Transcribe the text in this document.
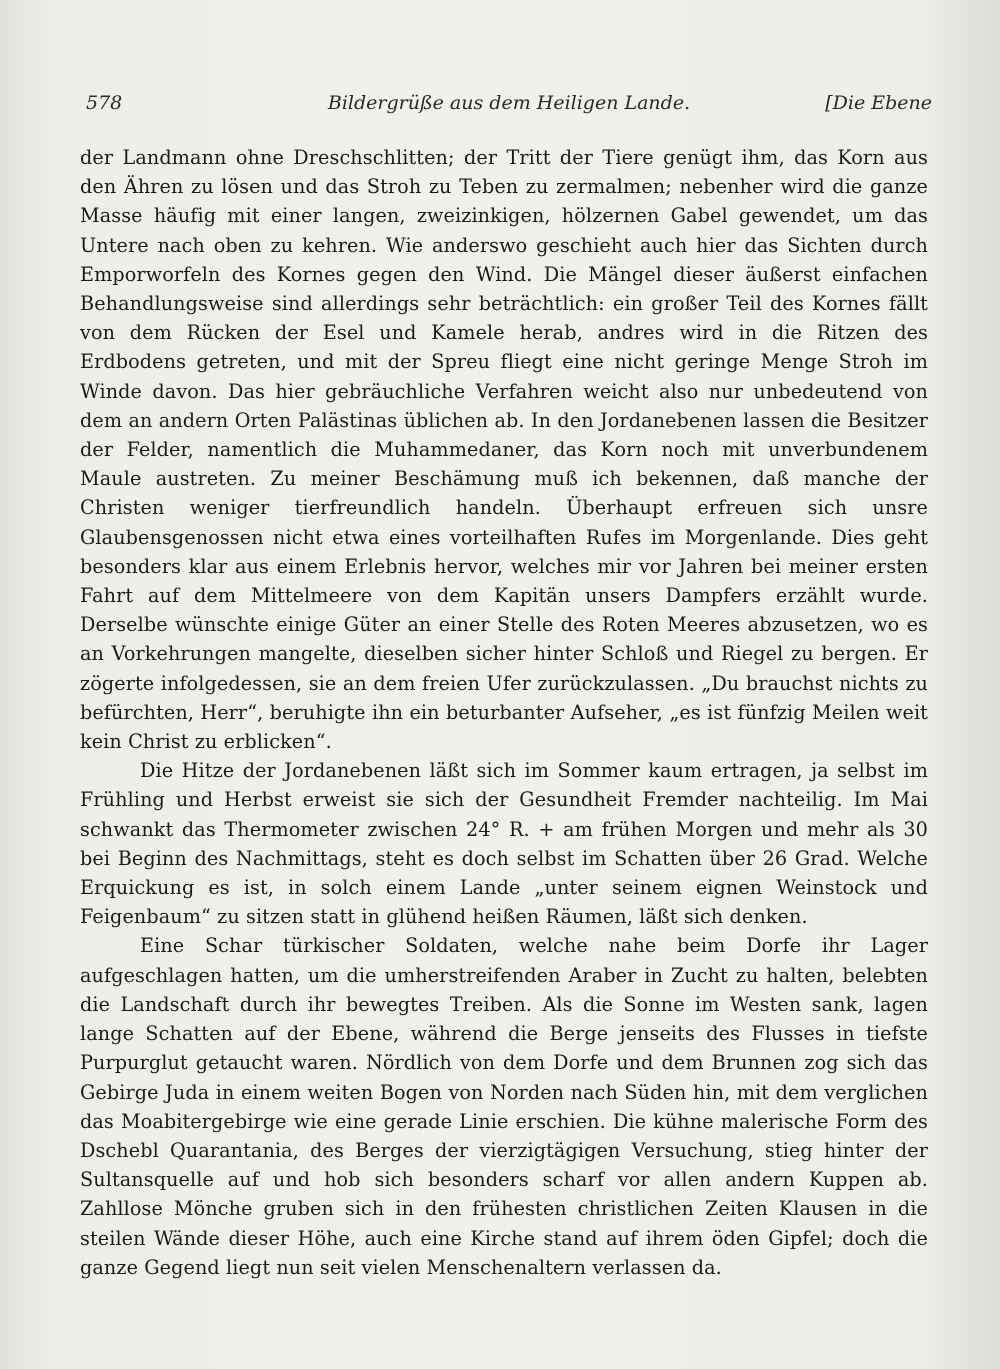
578	Bildergrüße aus dem Heiligen Lande.	[Die Ebene

der Landmann ohne Dreschschlitten; der Tritt der Tiere genügt ihm, das Korn aus den Ähren zu lösen und das Stroh zu Teben zu zermalmen; nebenher wird die ganze Masse häufig mit einer langen, zweizinkigen, hölzernen Gabel gewendet, um das Untere nach oben zu kehren. Wie anderswo geschieht auch hier das Sichten durch Emporworfeln des Kornes gegen den Wind. Die Mängel dieser äußerst einfachen Behandlungsweise sind allerdings sehr beträchtlich: ein großer Teil des Kornes fällt von dem Rücken der Esel und Kamele herab, andres wird in die Ritzen des Erdbodens getreten, und mit der Spreu fliegt eine nicht geringe Menge Stroh im Winde davon. Das hier gebräuchliche Verfahren weicht also nur unbedeutend von dem an andern Orten Palästinas üblichen ab. In den Jordanebenen lassen die Besitzer der Felder, namentlich die Muhammedaner, das Korn noch mit unverbundenem Maule austreten. Zu meiner Beschämung muß ich bekennen, daß manche der Christen weniger tierfreundlich handeln. Überhaupt erfreuen sich unsre Glaubensgenossen nicht etwa eines vorteilhaften Rufes im Morgenlande. Dies geht besonders klar aus einem Erlebnis hervor, welches mir vor Jahren bei meiner ersten Fahrt auf dem Mittelmeere von dem Kapitän unsers Dampfers erzählt wurde. Derselbe wünschte einige Güter an einer Stelle des Roten Meeres abzusetzen, wo es an Vorkehrungen mangelte, dieselben sicher hinter Schloß und Riegel zu bergen. Er zögerte infolgedessen, sie an dem freien Ufer zurückzulassen. „Du brauchst nichts zu befürchten, Herr“, beruhigte ihn ein beturbanter Aufseher, „es ist fünfzig Meilen weit kein Christ zu erblicken“.

Die Hitze der Jordanebenen läßt sich im Sommer kaum ertragen, ja selbst im Frühling und Herbst erweist sie sich der Gesundheit Fremder nachteilig. Im Mai schwankt das Thermometer zwischen 24° R. + am frühen Morgen und mehr als 30 bei Beginn des Nachmittags, steht es doch selbst im Schatten über 26 Grad. Welche Erquickung es ist, in solch einem Lande „unter seinem eignen Weinstock und Feigenbaum“ zu sitzen statt in glühend heißen Räumen, läßt sich denken.

Eine Schar türkischer Soldaten, welche nahe beim Dorfe ihr Lager aufgeschlagen hatten, um die umherstreifenden Araber in Zucht zu halten, belebten die Landschaft durch ihr bewegtes Treiben. Als die Sonne im Westen sank, lagen lange Schatten auf der Ebene, während die Berge jenseits des Flusses in tiefste Purpurglut getaucht waren. Nördlich von dem Dorfe und dem Brunnen zog sich das Gebirge Juda in einem weiten Bogen von Norden nach Süden hin, mit dem verglichen das Moabitergebirge wie eine gerade Linie erschien. Die kühne malerische Form des Dschebl Quarantania, des Berges der vierzigtägigen Versuchung, stieg hinter der Sultansquelle auf und hob sich besonders scharf vor allen andern Kuppen ab. Zahllose Mönche gruben sich in den frühesten christlichen Zeiten Klausen in die steilen Wände dieser Höhe, auch eine Kirche stand auf ihrem öden Gipfel; doch die ganze Gegend liegt nun seit vielen Menschenaltern verlassen da.
